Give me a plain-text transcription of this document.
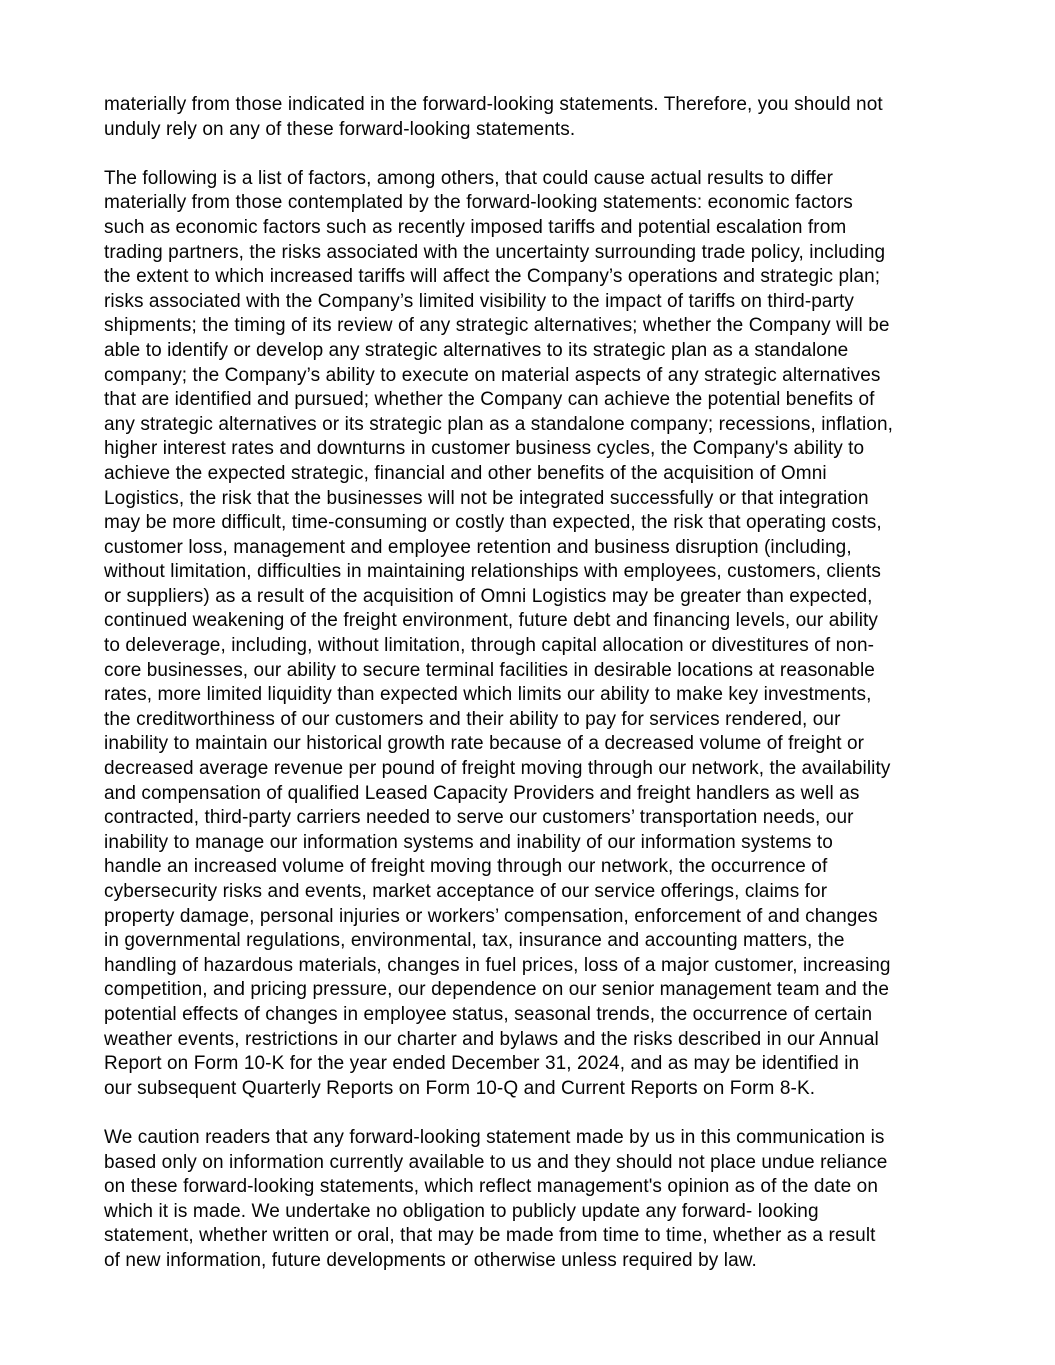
materially from those indicated in the forward-looking statements. Therefore, you should not
unduly rely on any of these forward-looking statements.

The following is a list of factors, among others, that could cause actual results to differ
materially from those contemplated by the forward-looking statements: economic factors
such as economic factors such as recently imposed tariffs and potential escalation from
trading partners, the risks associated with the uncertainty surrounding trade policy, including
the extent to which increased tariffs will affect the Company’s operations and strategic plan;
risks associated with the Company’s limited visibility to the impact of tariffs on third-party
shipments; the timing of its review of any strategic alternatives; whether the Company will be
able to identify or develop any strategic alternatives to its strategic plan as a standalone
company; the Company’s ability to execute on material aspects of any strategic alternatives
that are identified and pursued; whether the Company can achieve the potential benefits of
any strategic alternatives or its strategic plan as a standalone company; recessions, inflation,
higher interest rates and downturns in customer business cycles, the Company's ability to
achieve the expected strategic, financial and other benefits of the acquisition of Omni
Logistics, the risk that the businesses will not be integrated successfully or that integration
may be more difficult, time-consuming or costly than expected, the risk that operating costs,
customer loss, management and employee retention and business disruption (including,
without limitation, difficulties in maintaining relationships with employees, customers, clients
or suppliers) as a result of the acquisition of Omni Logistics may be greater than expected,
continued weakening of the freight environment, future debt and financing levels, our ability
to deleverage, including, without limitation, through capital allocation or divestitures of non-
core businesses, our ability to secure terminal facilities in desirable locations at reasonable
rates, more limited liquidity than expected which limits our ability to make key investments,
the creditworthiness of our customers and their ability to pay for services rendered, our
inability to maintain our historical growth rate because of a decreased volume of freight or
decreased average revenue per pound of freight moving through our network, the availability
and compensation of qualified Leased Capacity Providers and freight handlers as well as
contracted, third-party carriers needed to serve our customers’ transportation needs, our
inability to manage our information systems and inability of our information systems to
handle an increased volume of freight moving through our network, the occurrence of
cybersecurity risks and events, market acceptance of our service offerings, claims for
property damage, personal injuries or workers’ compensation, enforcement of and changes
in governmental regulations, environmental, tax, insurance and accounting matters, the
handling of hazardous materials, changes in fuel prices, loss of a major customer, increasing
competition, and pricing pressure, our dependence on our senior management team and the
potential effects of changes in employee status, seasonal trends, the occurrence of certain
weather events, restrictions in our charter and bylaws and the risks described in our Annual
Report on Form 10-K for the year ended December 31, 2024, and as may be identified in
our subsequent Quarterly Reports on Form 10-Q and Current Reports on Form 8-K.

We caution readers that any forward-looking statement made by us in this communication is
based only on information currently available to us and they should not place undue reliance
on these forward-looking statements, which reflect management's opinion as of the date on
which it is made. We undertake no obligation to publicly update any forward- looking
statement, whether written or oral, that may be made from time to time, whether as a result
of new information, future developments or otherwise unless required by law.
